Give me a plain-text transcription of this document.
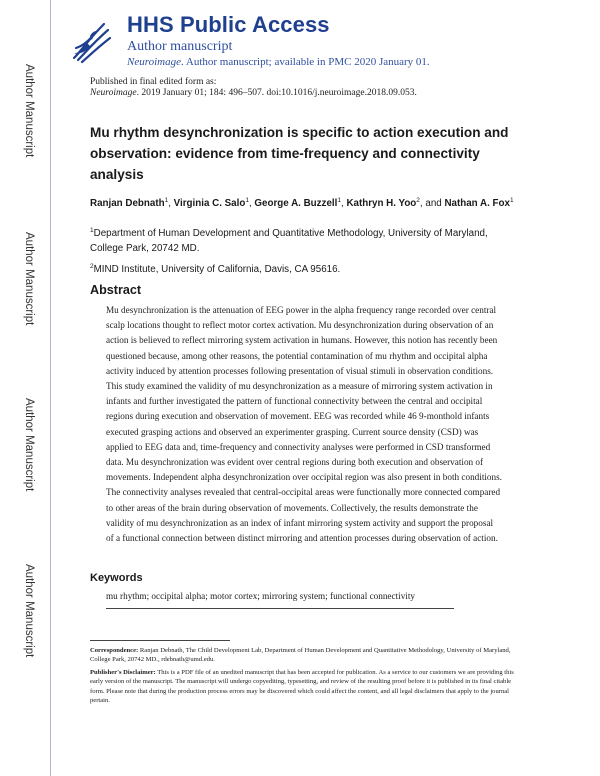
Author Manuscript
Author Manuscript
Author Manuscript
Author Manuscript
HHS Public Access
Author manuscript
Neuroimage. Author manuscript; available in PMC 2020 January 01.
Published in final edited form as:
Neuroimage. 2019 January 01; 184: 496–507. doi:10.1016/j.neuroimage.2018.09.053.
Mu rhythm desynchronization is specific to action execution and observation: evidence from time-frequency and connectivity analysis
Ranjan Debnath$^1$, Virginia C. Salo$^1$, George A. Buzzell$^1$, Kathryn H. Yoo$^2$, and Nathan A. Fox$^1$
$^1$Department of Human Development and Quantitative Methodology, University of Maryland, College Park, 20742 MD.
$^2$MIND Institute, University of California, Davis, CA 95616.
Abstract
Mu desynchronization is the attenuation of EEG power in the alpha frequency range recorded over central scalp locations thought to reflect motor cortex activation. Mu desynchronization during observation of an action is believed to reflect mirroring system activation in humans. However, this notion has recently been questioned because, among other reasons, the potential contamination of mu rhythm and occipital alpha activity induced by attention processes following presentation of visual stimuli in observation conditions. This study examined the validity of mu desynchronization as a measure of mirroring system activation in infants and further investigated the pattern of functional connectivity between the central and occipital regions during execution and observation of movement. EEG was recorded while 46 9-monthold infants executed grasping actions and observed an experimenter grasping. Current source density (CSD) was applied to EEG data and, time-frequency and connectivity analyses were performed in CSD transformed data. Mu desynchronization was evident over central regions during both execution and observation of movements. Independent alpha desynchronization over occipital region was also present in both conditions. The connectivity analyses revealed that central-occipital areas were functionally more connected compared to other areas of the brain during observation of movements. Collectively, the results demonstrate the validity of mu desynchronization as an index of infant mirroring system activity and support the proposal of a functional connection between distinct mirroring and attention processes during observation of action.
Keywords
mu rhythm; occipital alpha; motor cortex; mirroring system; functional connectivity
Correspondence: Ranjan Debnath, The Child Development Lab, Department of Human Development and Quantitative Methodology, University of Maryland, College Park, 20742 MD., rdebnath@umd.edu.
Publisher's Disclaimer: This is a PDF file of an unedited manuscript that has been accepted for publication. As a service to our customers we are providing this early version of the manuscript. The manuscript will undergo copyediting, typesetting, and review of the resulting proof before it is published in its final citable form. Please note that during the production process errors may be discovered which could affect the content, and all legal disclaimers that apply to the journal pertain.
